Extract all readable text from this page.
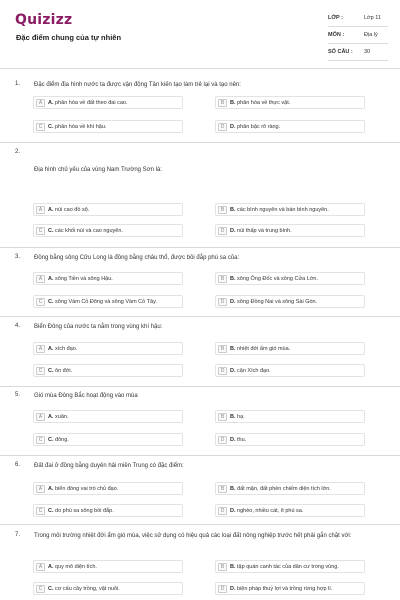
Quizizz
Đặc điểm chung của tự nhiên
LỚP :	Lớp 11
MÔN :	Địa lý
SỐ CÂU : 30
1. Đặc điểm địa hình nước ta được vận động Tân kiến tạo làm trẻ lại và tạo nên:
A	A. phân hóa về đất theo đai cao.	B	B. phân hóa về thực vật.
C	C. phân hóa về khí hậu.	D	D. phân bậc rõ ràng.
2.
Địa hình chủ yếu của vùng Nam Trường Sơn là:
A	A. núi cao đồ sộ.	B	B. các bình nguyên và bán bình nguyên.
C	C. các khối núi và cao nguyên.	D	D. núi thấp và trung bình.
3. Đồng bằng sông Cửu Long là đồng bằng châu thổ, được bồi đắp phù sa của:
A	A. sông Tiền và sông Hậu.	B	B. sông Ông Đốc và sông Cửa Lớn.
C	C. sông Vàm Cỏ Đông và sông Vàm Cỏ Tây.	D	D. sông Đồng Nai và sông Sài Gòn.
4. Biển Đông của nước ta nằm trong vùng khí hậu:
A	A. xích đạo.	B	B. nhiệt đới ẩm gió mùa.
C	C. ôn đới.	D	D. cận Xích đạo.
5. Gió mùa Đông Bắc hoạt động vào mùa
A	A. xuân.	B	B. hạ.
C	C. đông.	D	D. thu.
6. Đất đai ở đồng bằng duyên hải miền Trung có đặc điểm:
A	A. biển đóng vai trò chủ đạo.	B	B. đất mặn, đất phèn chiếm diện tích lớn.
C	C. do phù sa sông bồi đắp.	D	D. nghèo, nhiều cát, ít phù sa.
7. Trong môi trường nhiệt đới ẩm gió mùa, việc sử dụng có hiệu quả các loại đất nông nghiệp trước hết phải gắn chặt với:
A	A. quy mô diện tích.	B	B. tập quán canh tác của dân cư trong vùng.
C	C. cơ cấu cây trồng, vật nuôi.	D	D. biện pháp thuỷ lợi và trồng rừng hợp lí.
